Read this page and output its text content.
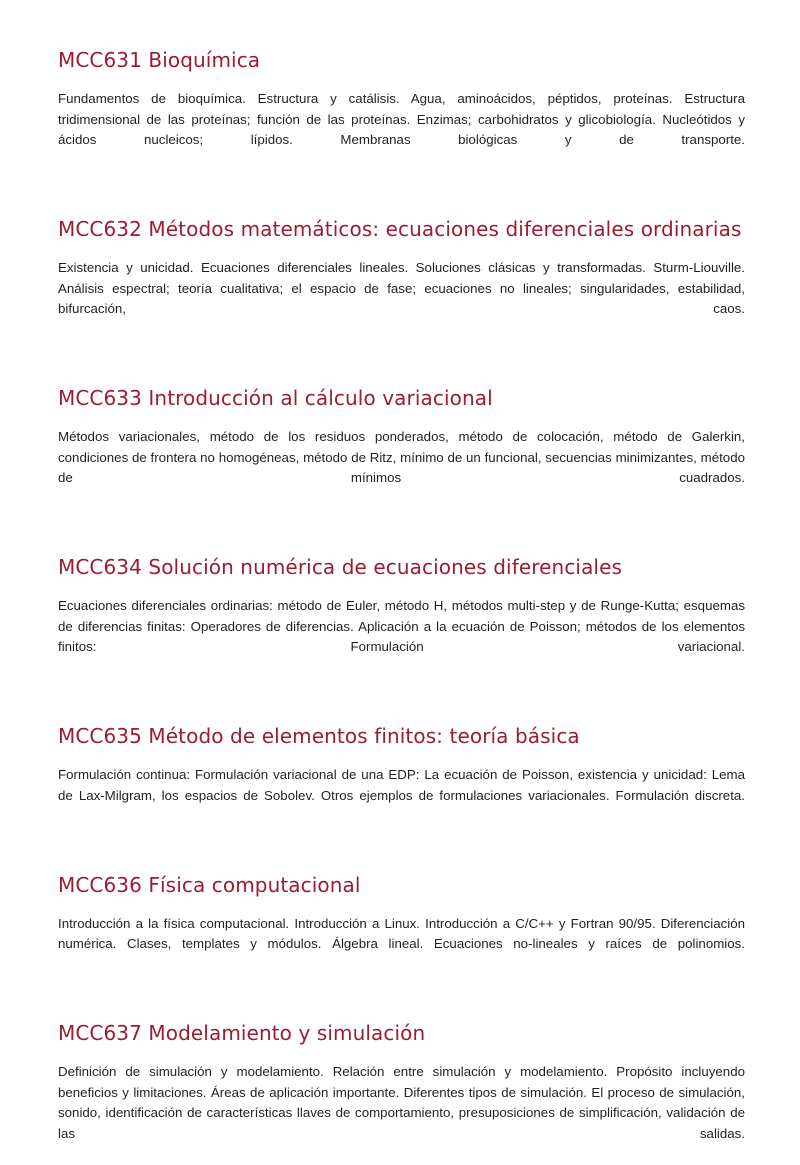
MCC631 Bioquímica

Fundamentos de bioquímica. Estructura y catálisis. Agua, aminoácidos, péptidos, proteínas. Estructura tridimensional de las proteínas; función de las proteínas. Enzimas; carbohidratos y glicobiología. Nucleótidos y ácidos nucleicos; lípidos. Membranas biológicas y de transporte.

MCC632 Métodos matemáticos: ecuaciones diferenciales ordinarias

Existencia y unicidad. Ecuaciones diferenciales lineales. Soluciones clásicas y transformadas. Sturm-Liouville. Análisis espectral; teoría cualitativa; el espacio de fase; ecuaciones no lineales; singularidades, estabilidad, bifurcación, caos.

MCC633 Introducción al cálculo variacional

Métodos variacionales, método de los residuos ponderados, método de colocación, método de Galerkin, condiciones de frontera no homogéneas, método de Ritz, mínimo de un funcional, secuencias minimizantes, método de mínimos cuadrados.

MCC634 Solución numérica de ecuaciones diferenciales

Ecuaciones diferenciales ordinarias: método de Euler, método H, métodos multi-step y de Runge-Kutta; esquemas de diferencias finitas: Operadores de diferencias. Aplicación a la ecuación de Poisson; métodos de los elementos finitos: Formulación variacional.

MCC635 Método de elementos finitos: teoría básica

Formulación continua: Formulación variacional de una EDP: La ecuación de Poisson, existencia y unicidad: Lema de Lax-Milgram, los espacios de Sobolev. Otros ejemplos de formulaciones variacionales. Formulación discreta.

MCC636 Física computacional

Introducción a la física computacional. Introducción a Linux. Introducción a C/C++ y Fortran 90/95. Diferenciación numérica. Clases, templates y módulos. Álgebra lineal. Ecuaciones no-lineales y raíces de polinomios.

MCC637 Modelamiento y simulación

Definición de simulación y modelamiento. Relación entre simulación y modelamiento. Propósito incluyendo beneficios y limitaciones. Áreas de aplicación importante. Diferentes tipos de simulación. El proceso de simulación, sonido, identificación de características llaves de comportamiento, presuposiciones de simplificación, validación de las salidas.
